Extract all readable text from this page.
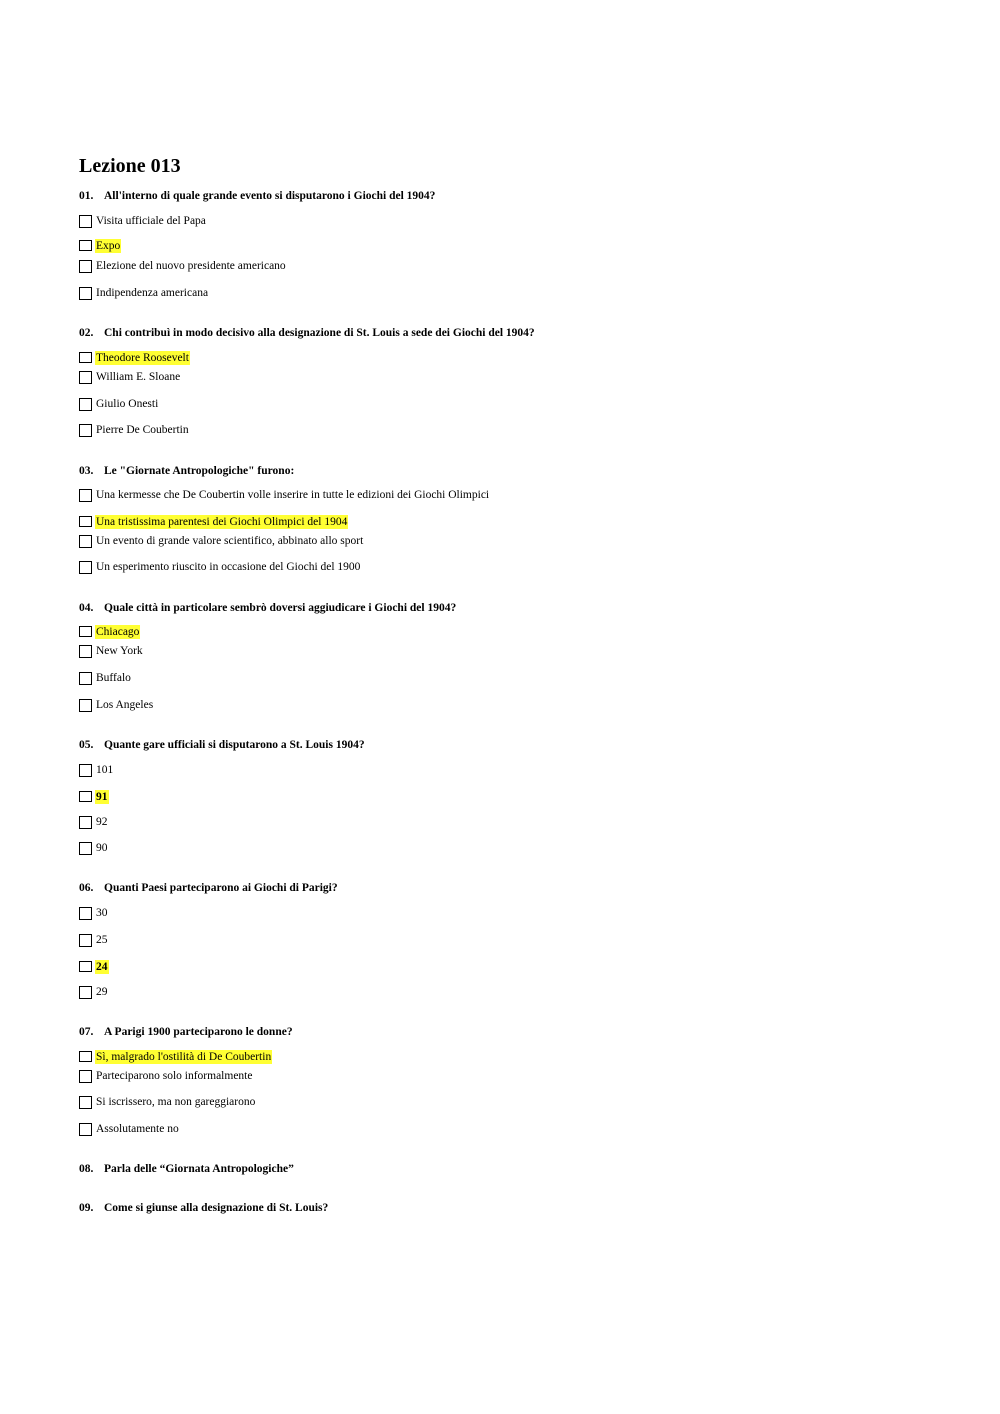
Lezione 013
01. All'interno di quale grande evento si disputarono i Giochi del 1904?
Visita ufficiale del Papa
Expo
Elezione del nuovo presidente americano
Indipendenza americana
02. Chi contribuì in modo decisivo alla designazione di St. Louis a sede dei Giochi del 1904?
Theodore Roosevelt
William E. Sloane
Giulio Onesti
Pierre De Coubertin
03. Le "Giornate Antropologiche" furono:
Una kermesse che De Coubertin volle inserire in tutte le edizioni dei Giochi Olimpici
Una tristissima parentesi dei Giochi Olimpici del 1904
Un evento di grande valore scientifico, abbinato allo sport
Un esperimento riuscito in occasione del Giochi del 1900
04. Quale città in particolare sembrò doversi aggiudicare i Giochi del 1904?
Chiacago
New York
Buffalo
Los Angeles
05. Quante gare ufficiali si disputarono a St. Louis 1904?
101
91
92
90
06. Quanti Paesi parteciparono ai Giochi di Parigi?
30
25
24
29
07. A Parigi 1900 parteciparono le donne?
Sì, malgrado l'ostilità di De Coubertin
Parteciparono solo informalmente
Si iscrissero, ma non gareggiarono
Assolutamente no
08. Parla delle “Giornata Antropologiche”
09. Come si giunse alla designazione di St. Louis?
